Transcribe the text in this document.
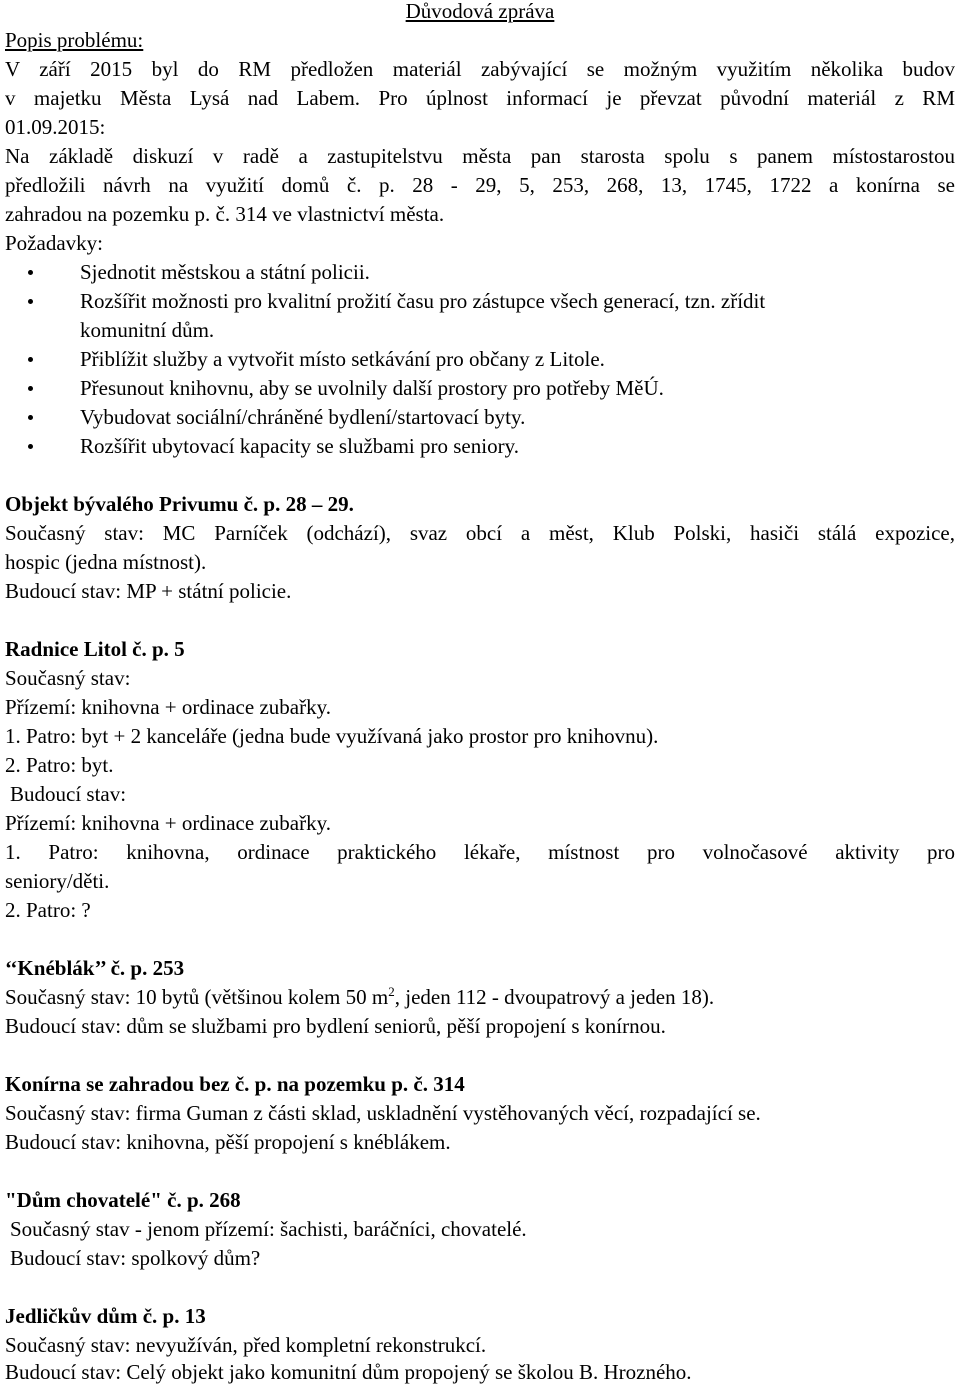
Důvodová zpráva
Popis problému:
V září 2015 byl do RM předložen materiál zabývající se možným využitím několika budov
v majetku Města Lysá nad Labem. Pro úplnost informací je převzat původní materiál z RM
01.09.2015:
Na základě diskuzí v radě a zastupitelstvu města pan starosta spolu s panem místostarostou
předložili návrh na využití domů č. p. 28 - 29, 5, 253, 268, 13, 1745, 1722 a konírna se
zahradou na pozemku p. č. 314 ve vlastnictví města.
Požadavky:
Sjednotit městskou a státní policii.
Rozšířit možnosti pro kvalitní prožití času pro zástupce všech generací, tzn. zřídit
komunitní dům.
Přiblížit služby a vytvořit místo setkávání pro občany z Litole.
Přesunout knihovnu, aby se uvolnily další prostory pro potřeby MěÚ.
Vybudovat sociální/chráněné bydlení/startovací byty.
Rozšířit ubytovací kapacity se službami pro seniory.
Objekt bývalého Privumu č. p. 28 – 29.
Současný stav: MC Parníček (odchází), svaz obcí a měst, Klub Polski, hasiči stálá expozice,
hospic (jedna místnost).
Budoucí stav: MP + státní policie.
Radnice Litol č. p. 5
Současný stav:
Přízemí: knihovna + ordinace zubařky.
1. Patro: byt + 2 kanceláře (jedna bude využívaná jako prostor pro knihovnu).
2. Patro: byt.
Budoucí stav:
Přízemí: knihovna + ordinace zubařky.
1. Patro: knihovna, ordinace praktického lékaře, místnost pro volnočasové aktivity pro
seniory/děti.
2. Patro: ?
‘‘Knéblák’’ č. p. 253
Současný stav: 10 bytů (většinou kolem 50 $m^2$, jeden 112 - dvoupatrový a jeden 18).
Budoucí stav: dům se službami pro bydlení seniorů, pěší propojení s konírnou.
Konírna se zahradou bez č. p. na pozemku p. č. 314
Současný stav: firma Guman z části sklad, uskladnění vystěhovaných věcí, rozpadající se.
Budoucí stav: knihovna, pěší propojení s knéblákem.
"Dům chovatelé" č. p. 268
Současný stav - jenom přízemí: šachisti, baráčníci, chovatelé.
Budoucí stav: spolkový dům?
Jedličkův dům č. p. 13
Současný stav: nevyužíván, před kompletní rekonstrukcí.
Budoucí stav: Celý objekt jako komunitní dům propojený se školou B. Hrozného.
